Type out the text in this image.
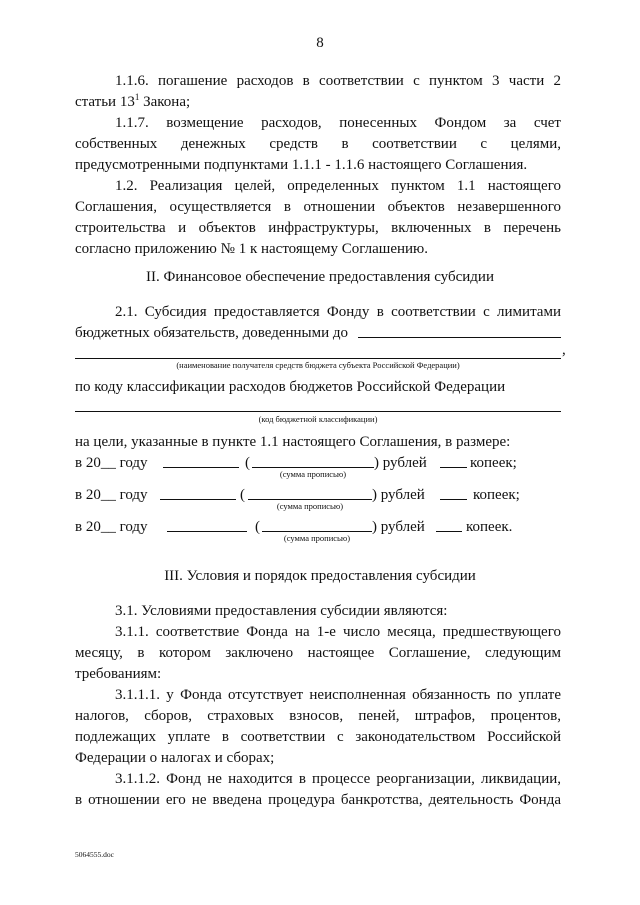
8
1.1.6. погашение расходов в соответствии с пунктом 3 части 2
статьи $13^1$ Закона;
1.1.7. возмещение расходов, понесенных Фондом за счет
собственных денежных средств в соответствии с целями,
предусмотренными подпунктами 1.1.1 - 1.1.6 настоящего Соглашения.
1.2. Реализация целей, определенных пунктом 1.1 настоящего
Соглашения, осуществляется в отношении объектов незавершенного
строительства и объектов инфраструктуры, включенных в перечень
согласно приложению № 1 к настоящему Соглашению.
II. Финансовое обеспечение предоставления субсидии
2.1. Субсидия предоставляется Фонду в соответствии с лимитами
бюджетных обязательств, доведенными до
,
(наименование получателя средств бюджета субъекта Российской Федерации)
по коду классификации расходов бюджетов Российской Федерации
(код бюджетной классификации)
на цели, указанные в пункте 1.1 настоящего Соглашения, в размере:
в 20__ году	(	) рублей	копеек;
(сумма прописью)
в 20__ году	(	) рублей	копеек;
(сумма прописью)
в 20__ году	(	) рублей	копеек.
(сумма прописью)
III. Условия и порядок предоставления субсидии
3.1. Условиями предоставления субсидии являются:
3.1.1. соответствие Фонда на 1-е число месяца, предшествующего
месяцу, в котором заключено настоящее Соглашение, следующим
требованиям:
3.1.1.1. у Фонда отсутствует неисполненная обязанность по уплате
налогов, сборов, страховых взносов, пеней, штрафов, процентов,
подлежащих уплате в соответствии с законодательством Российской
Федерации о налогах и сборах;
3.1.1.2. Фонд не находится в процессе реорганизации, ликвидации,
в отношении его не введена процедура банкротства, деятельность Фонда
5064555.doc
